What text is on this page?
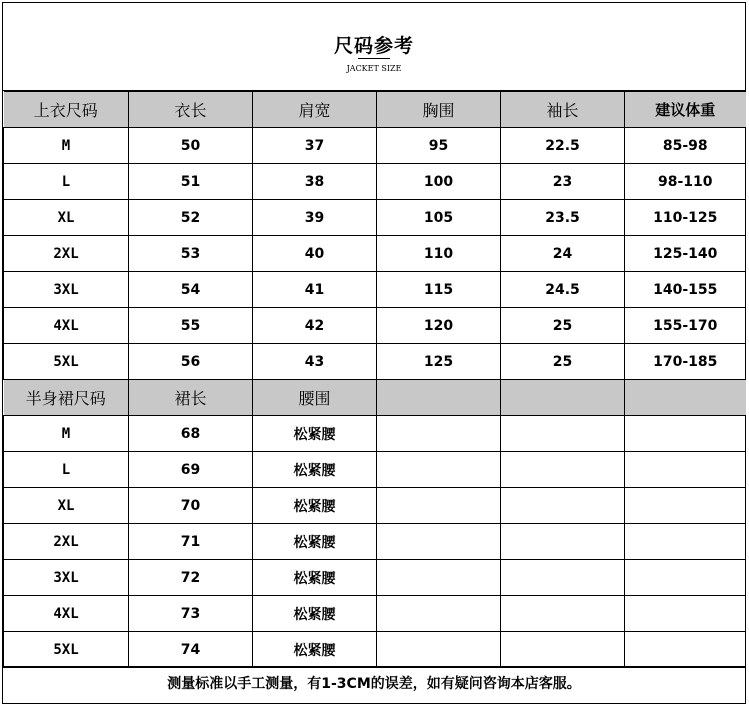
尺码参考
JACKET SIZE
上衣尺码	衣长	肩宽	胸围	袖长	建议体重
M	50	37	95	22.5	85-98
L	51	38	100	23	98-110
XL	52	39	105	23.5	110-125
2XL	53	40	110	24	125-140
3XL	54	41	115	24.5	140-155
4XL	55	42	120	25	155-170
5XL	56	43	125	25	170-185
半身裙尺码	裙长	腰围			
M	68	松紧腰			
L	69	松紧腰			
XL	70	松紧腰			
2XL	71	松紧腰			
3XL	72	松紧腰			
4XL	73	松紧腰			
5XL	74	松紧腰			
测量标准以手工测量，有1-3CM的误差，如有疑问咨询本店客服。
